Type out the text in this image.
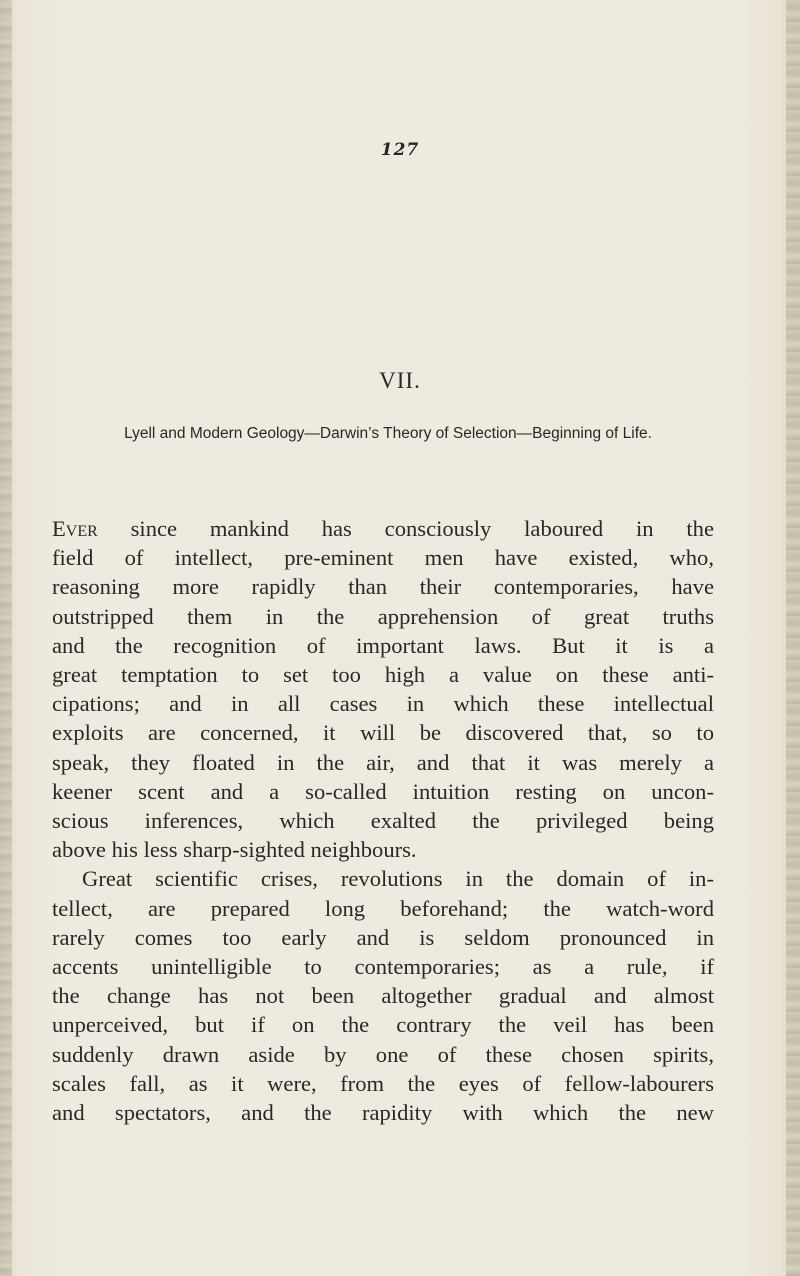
127
VII.
Lyell and Modern Geology—Darwin’s Theory of Selection—Beginning of Life.

Ever since mankind has consciously laboured in the
field of intellect, pre-eminent men have existed, who,
reasoning more rapidly than their contemporaries, have
outstripped them in the apprehension of great truths
and the recognition of important laws. But it is a
great temptation to set too high a value on these anti-
cipations; and in all cases in which these intellectual
exploits are concerned, it will be discovered that, so to
speak, they floated in the air, and that it was merely a
keener scent and a so-called intuition resting on uncon-
scious inferences, which exalted the privileged being
above his less sharp-sighted neighbours.

Great scientific crises, revolutions in the domain of in-
tellect, are prepared long beforehand; the watch-word
rarely comes too early and is seldom pronounced in
accents unintelligible to contemporaries; as a rule, if
the change has not been altogether gradual and almost
unperceived, but if on the contrary the veil has been
suddenly drawn aside by one of these chosen spirits,
scales fall, as it were, from the eyes of fellow-labourers
and spectators, and the rapidity with which the new
